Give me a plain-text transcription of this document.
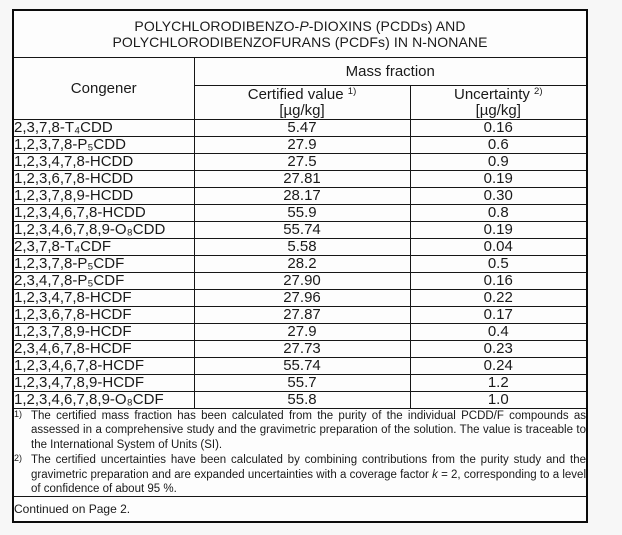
POLYCHLORODIBENZO-P-DIOXINS (PCDDs) AND
POLYCHLORODIBENZOFURANS (PCDFs) IN N-NONANE		

Congener	Mass fraction	

Certified value $^{1)}$
[µg/kg]

Uncertainty $^{2)}$
[µg/kg]

2,3,7,8-T₄CDD	5.47	0.16
1,2,3,7,8-P₅CDD	27.9	0.6
1,2,3,4,7,8-HCDD	27.5	0.9
1,2,3,6,7,8-HCDD	27.81	0.19
1,2,3,7,8,9-HCDD	28.17	0.30
1,2,3,4,6,7,8-HCDD	55.9	0.8
1,2,3,4,6,7,8,9-O₈CDD	55.74	0.19
2,3,7,8-T₄CDF	5.58	0.04
1,2,3,7,8-P₅CDF	28.2	0.5
2,3,4,7,8-P₅CDF	27.90	0.16
1,2,3,4,7,8-HCDF	27.96	0.22
1,2,3,6,7,8-HCDF	27.87	0.17
1,2,3,7,8,9-HCDF	27.9	0.4
2,3,4,6,7,8-HCDF	27.73	0.23
1,2,3,4,6,7,8-HCDF	55.74	0.24
1,2,3,4,7,8,9-HCDF	55.7	1.2
1,2,3,4,6,7,8,9-O₈CDF	55.8	1.0

1) The certified mass fraction has been calculated from the purity of the individual PCDD/F compounds as assessed in a comprehensive study and the gravimetric preparation of the solution. The value is traceable to the International System of Units (SI).
2) The certified uncertainties have been calculated by combining contributions from the purity study and the gravimetric preparation and are expanded uncertainties with a coverage factor k = 2, corresponding to a level of confidence of about 95 %.		

Continued on Page 2.		
